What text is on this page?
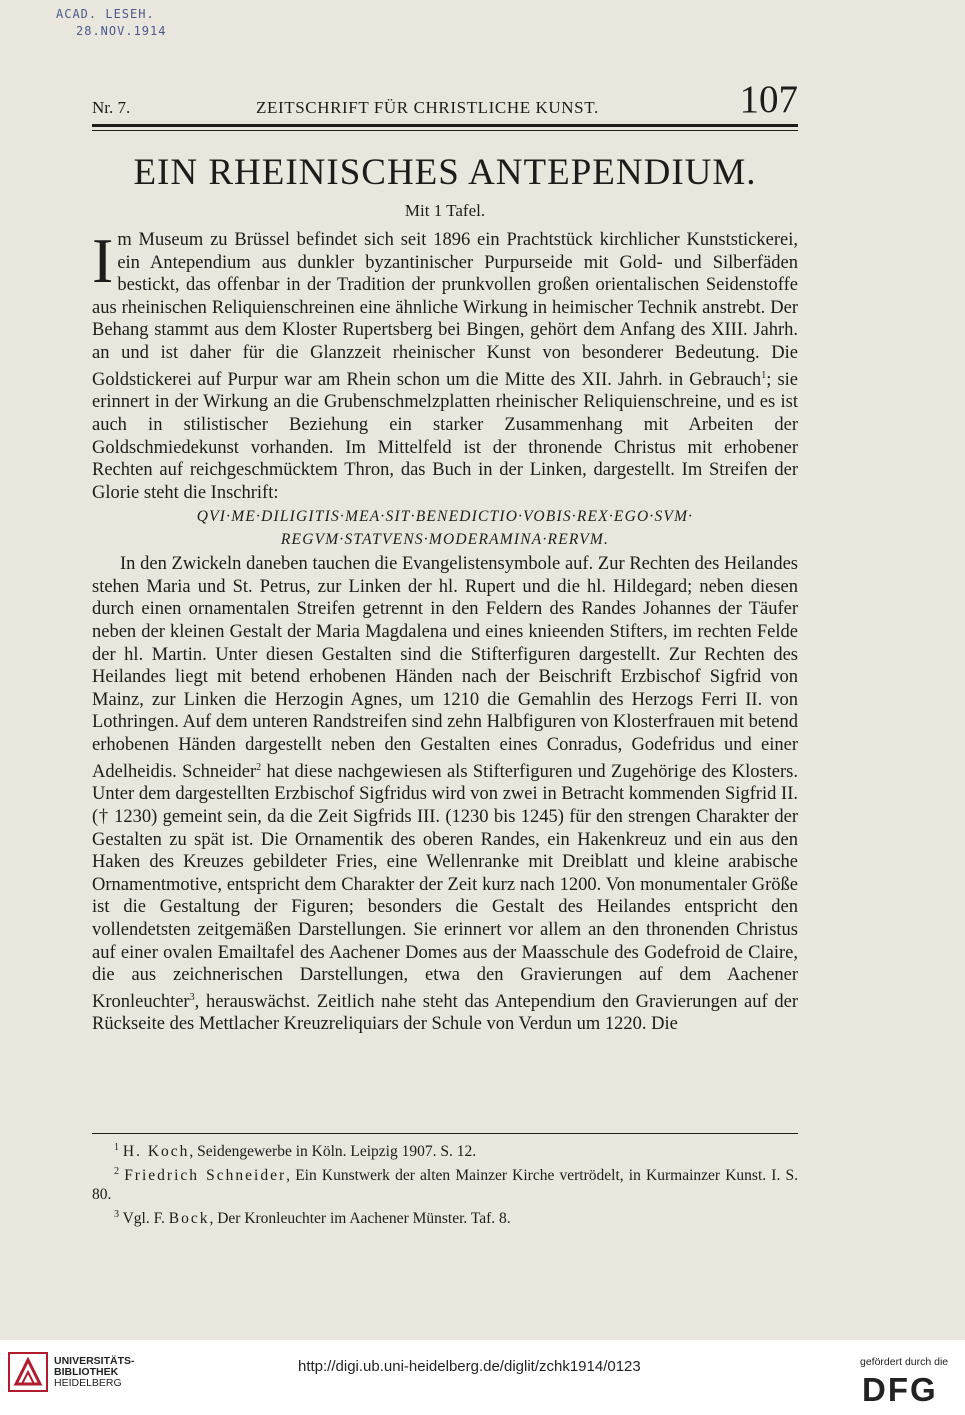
ACAD. LESEH.
28.NOV.1914
Nr. 7.	ZEITSCHRIFT FÜR CHRISTLICHE KUNST.	107
EIN RHEINISCHES ANTEPENDIUM.
Mit 1 Tafel.

Im Museum zu Brüssel befindet sich seit 1896 ein Prachtstück kirchlicher Kunststickerei, ein Antependium aus dunkler byzantinischer Purpurseide mit Gold- und Silberfäden bestickt, das offenbar in der Tradition der prunkvollen großen orientalischen Seidenstoffe aus rheinischen Reliquienschreinen eine ähnliche Wirkung in heimischer Technik anstrebt. Der Behang stammt aus dem Kloster Rupertsberg bei Bingen, gehört dem Anfang des XIII. Jahrh. an und ist daher für die Glanzzeit rheinischer Kunst von besonderer Bedeutung. Die Goldstickerei auf Purpur war am Rhein schon um die Mitte des XII. Jahrh. in Gebrauch$^1$; sie erinnert in der Wirkung an die Grubenschmelzplatten rheinischer Reliquienschreine, und es ist auch in stilistischer Beziehung ein starker Zusammenhang mit Arbeiten der Goldschmiedekunst vorhanden. Im Mittelfeld ist der thronende Christus mit erhobener Rechten auf reichgeschmücktem Thron, das Buch in der Linken, dargestellt. Im Streifen der Glorie steht die Inschrift:

QVI·ME·DILIGITIS·MEA·SIT·BENEDICTIO·VOBIS·REX·EGO·SVM·
REGVM·STATVENS·MODERAMINA·RERVM.

In den Zwickeln daneben tauchen die Evangelistensymbole auf. Zur Rechten des Heilandes stehen Maria und St. Petrus, zur Linken der hl. Rupert und die hl. Hildegard; neben diesen durch einen ornamentalen Streifen getrennt in den Feldern des Randes Johannes der Täufer neben der kleinen Gestalt der Maria Magdalena und eines knieenden Stifters, im rechten Felde der hl. Martin. Unter diesen Gestalten sind die Stifterfiguren dargestellt. Zur Rechten des Heilandes liegt mit betend erhobenen Händen nach der Beischrift Erzbischof Sigfrid von Mainz, zur Linken die Herzogin Agnes, um 1210 die Gemahlin des Herzogs Ferri II. von Lothringen. Auf dem unteren Randstreifen sind zehn Halbfiguren von Klosterfrauen mit betend erhobenen Händen dargestellt neben den Gestalten eines Conradus, Godefridus und einer Adelheidis. Schneider$^2$ hat diese nachgewiesen als Stifterfiguren und Zugehörige des Klosters. Unter dem dargestellten Erzbischof Sigfridus wird von zwei in Betracht kommenden Sigfrid II. († 1230) gemeint sein, da die Zeit Sigfrids III. (1230 bis 1245) für den strengen Charakter der Gestalten zu spät ist. Die Ornamentik des oberen Randes, ein Hakenkreuz und ein aus den Haken des Kreuzes gebildeter Fries, eine Wellenranke mit Dreiblatt und kleine arabische Ornamentmotive, entspricht dem Charakter der Zeit kurz nach 1200. Von monumentaler Größe ist die Gestaltung der Figuren; besonders die Gestalt des Heilandes entspricht den vollendetsten zeitgemäßen Darstellungen. Sie erinnert vor allem an den thronenden Christus auf einer ovalen Emailtafel des Aachener Domes aus der Maasschule des Godefroid de Claire, die aus zeichnerischen Darstellungen, etwa den Gravierungen auf dem Aachener Kronleuchter$^3$, herauswächst. Zeitlich nahe steht das Antependium den Gravierungen auf der Rückseite des Mettlacher Kreuzreliquiars der Schule von Verdun um 1220. Die

$^1$ H. Koch, Seidengewerbe in Köln. Leipzig 1907. S. 12.

$^2$ Friedrich Schneider, Ein Kunstwerk der alten Mainzer Kirche vertrödelt, in Kurmainzer Kunst. I. S. 80.

$^3$ Vgl. F. Bock, Der Kronleuchter im Aachener Münster. Taf. 8.

UNIVERSITÄTS-
BIBLIOTHEK
HEIDELBERG
http://digi.ub.uni-heidelberg.de/diglit/zchk1914/0123	gefördert durch die
DFG
